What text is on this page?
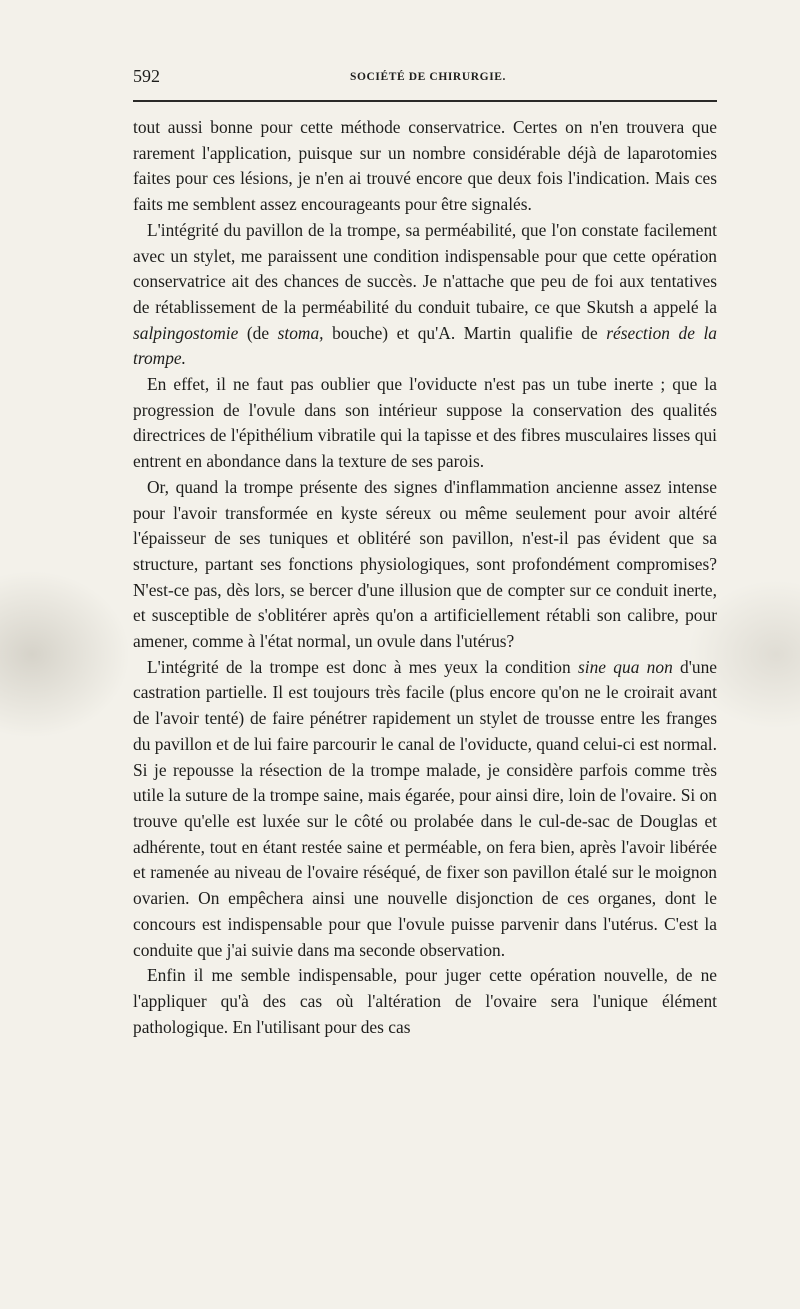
592	SOCIÉTÉ DE CHIRURGIE.

tout aussi bonne pour cette méthode conservatrice. Certes on n'en trouvera que rarement l'application, puisque sur un nombre considérable déjà de laparotomies faites pour ces lésions, je n'en ai trouvé encore que deux fois l'indication. Mais ces faits me semblent assez encourageants pour être signalés.

L'intégrité du pavillon de la trompe, sa perméabilité, que l'on constate facilement avec un stylet, me paraissent une condition indispensable pour que cette opération conservatrice ait des chances de succès. Je n'attache que peu de foi aux tentatives de rétablissement de la perméabilité du conduit tubaire, ce que Skutsh a appelé la salpingostomie (de stoma, bouche) et qu'A. Martin qualifie de résection de la trompe.

En effet, il ne faut pas oublier que l'oviducte n'est pas un tube inerte ; que la progression de l'ovule dans son intérieur suppose la conservation des qualités directrices de l'épithélium vibratile qui la tapisse et des fibres musculaires lisses qui entrent en abondance dans la texture de ses parois.

Or, quand la trompe présente des signes d'inflammation ancienne assez intense pour l'avoir transformée en kyste séreux ou même seulement pour avoir altéré l'épaisseur de ses tuniques et oblitéré son pavillon, n'est-il pas évident que sa structure, partant ses fonctions physiologiques, sont profondément compromises? N'est-ce pas, dès lors, se bercer d'une illusion que de compter sur ce conduit inerte, et susceptible de s'oblitérer après qu'on a artificiellement rétabli son calibre, pour amener, comme à l'état normal, un ovule dans l'utérus?

L'intégrité de la trompe est donc à mes yeux la condition sine qua non d'une castration partielle. Il est toujours très facile (plus encore qu'on ne le croirait avant de l'avoir tenté) de faire pénétrer rapidement un stylet de trousse entre les franges du pavillon et de lui faire parcourir le canal de l'oviducte, quand celui-ci est normal. Si je repousse la résection de la trompe malade, je considère parfois comme très utile la suture de la trompe saine, mais égarée, pour ainsi dire, loin de l'ovaire. Si on trouve qu'elle est luxée sur le côté ou prolabée dans le cul-de-sac de Douglas et adhérente, tout en étant restée saine et perméable, on fera bien, après l'avoir libérée et ramenée au niveau de l'ovaire réséqué, de fixer son pavillon étalé sur le moignon ovarien. On empêchera ainsi une nouvelle disjonction de ces organes, dont le concours est indispensable pour que l'ovule puisse parvenir dans l'utérus. C'est la conduite que j'ai suivie dans ma seconde observation.

Enfin il me semble indispensable, pour juger cette opération nouvelle, de ne l'appliquer qu'à des cas où l'altération de l'ovaire sera l'unique élément pathologique. En l'utilisant pour des cas
